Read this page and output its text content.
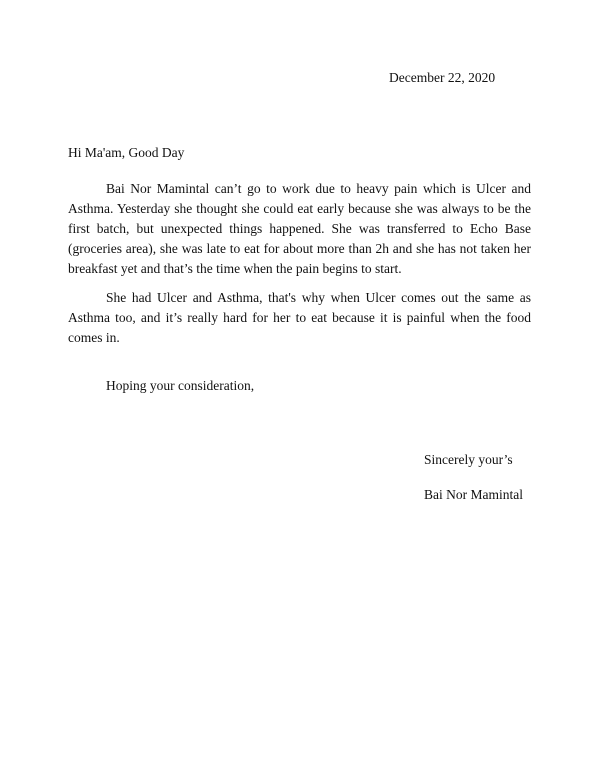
December 22, 2020
Hi Ma'am, Good Day

Bai Nor Mamintal can’t go to work due to heavy pain which is Ulcer and Asthma. Yesterday she thought she could eat early because she was always to be the first batch, but unexpected things happened. She was transferred to Echo Base (groceries area), she was late to eat for about more than 2h and she has not taken her breakfast yet and that’s the time when the pain begins to start.

She had Ulcer and Asthma, that's why when Ulcer comes out the same as Asthma too, and it’s really hard for her to eat because it is painful when the food comes in.

Hoping your consideration,
Sincerely your’s
Bai Nor Mamintal
